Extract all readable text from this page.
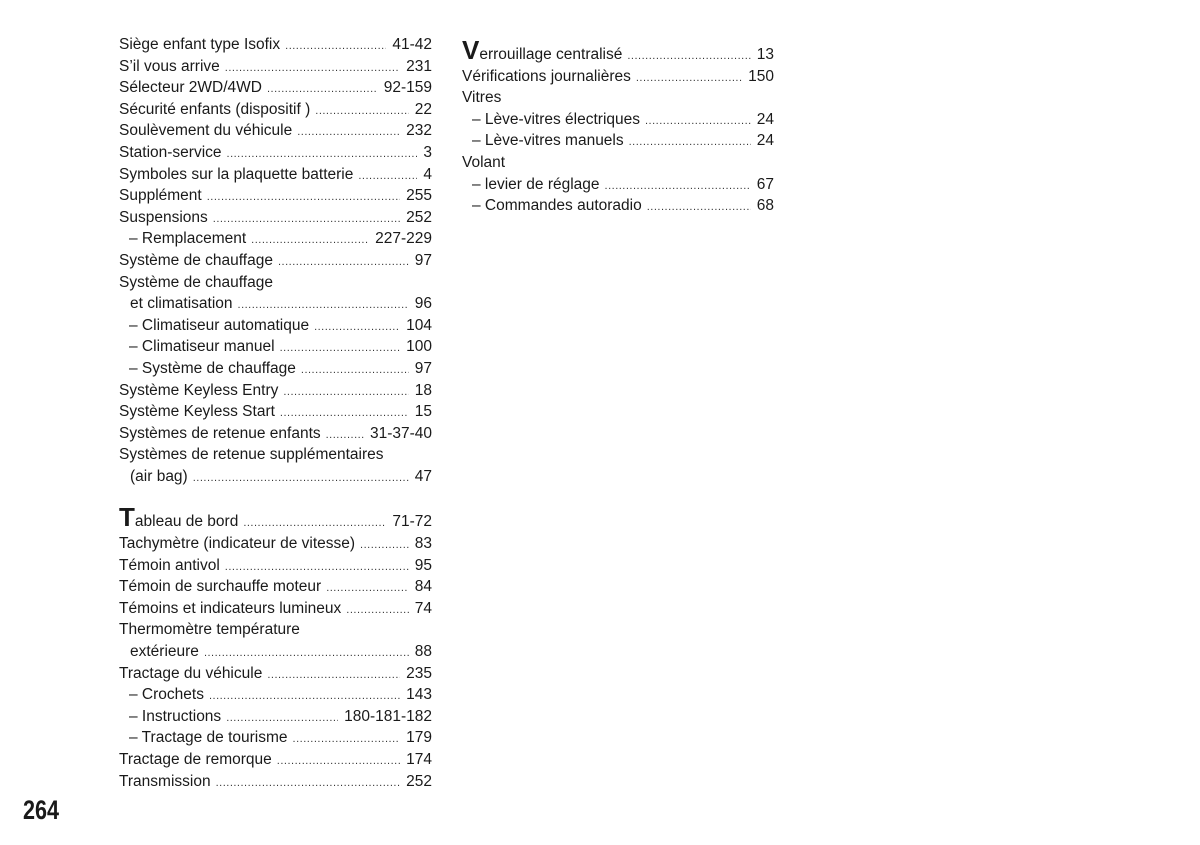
Siège enfant type Isofix .....	41-42
S’il vous arrive .....	231
Sélecteur 2WD/4WD .....	92-159
Sécurité enfants (dispositif ) .....	22
Soulèvement du véhicule .....	232
Station-service .....	3
Symboles sur la plaquette batterie .....	4
Supplément .....	255
Suspensions .....	252
– Remplacement .....	227-229
Système de chauffage .....	97
Système de chauffage
et climatisation .....	96
– Climatiseur automatique .....	104
– Climatiseur manuel .....	100
– Système de chauffage .....	97
Système Keyless Entry .....	18
Système Keyless Start .....	15
Systèmes de retenue enfants .....	31-37-40
Systèmes de retenue supplémentaires
(air bag) .....	47
Tableau de bord .....	71-72
Tachymètre (indicateur de vitesse) .....	83
Témoin antivol .....	95
Témoin de surchauffe moteur .....	84
Témoins et indicateurs lumineux .....	74
Thermomètre température
extérieure .....	88
Tractage du véhicule .....	235
– Crochets .....	143
– Instructions .....	180-181-182
– Tractage de tourisme .....	179
Tractage de remorque .....	174
Transmission .....	252
Verrouillage centralisé .....	13
Vérifications journalières .....	150
Vitres
– Lève-vitres électriques .....	24
– Lève-vitres manuels .....	24
Volant
– levier de réglage .....	67
– Commandes autoradio .....	68
264
